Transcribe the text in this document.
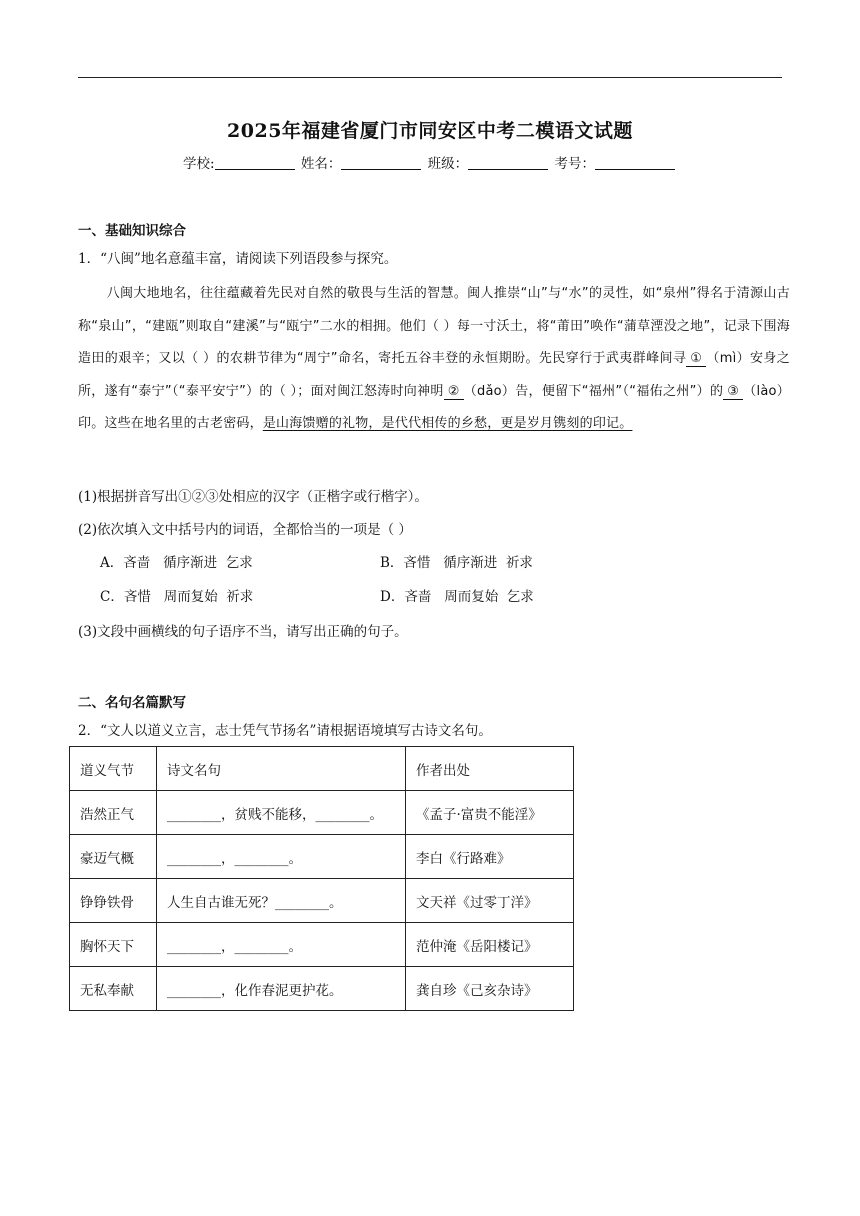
2025年福建省厦门市同安区中考二模语文试题
学校:	姓名：	班级：	考号：
一、基础知识综合
1．“八闽”地名意蕴丰富，请阅读下列语段参与探究。
八闽大地地名，往往蕴藏着先民对自然的敬畏与生活的智慧。闽人推崇“山”与“水”的灵性，如“泉州”得名于清源山古称“泉山”，“建瓯”则取自“建溪”与“瓯宁”二水的相拥。他们（ ）每一寸沃土，将“莆田”唤作“蒲草湮没之地”，记录下围海造田的艰辛；又以（ ）的农耕节律为“周宁”命名，寄托五谷丰登的永恒期盼。先民穿行于武夷群峰间寻 ① （mì）安身之所，遂有“泰宁”（“泰平安宁”）的（ ）；面对闽江怒涛时向神明 ② （dǎo）告，便留下“福州”（“福佑之州”）的 ③ （lào）印。这些在地名里的古老密码，是山海馈赠的礼物，是代代相传的乡愁，更是岁月镌刻的印记。
(1)根据拼音写出①②③处相应的汉字（正楷字或行楷字）。
(2)依次填入文中括号内的词语，全都恰当的一项是（ ）
A．吝啬   循序渐进  乞求	B．吝惜   循序渐进  祈求
C．吝惜   周而复始  祈求	D．吝啬   周而复始  乞求
(3)文段中画横线的句子语序不当，请写出正确的句子。
二、名句名篇默写
2．“文人以道义立言，志士凭气节扬名”请根据语境填写古诗文名句。
道义气节	诗文名句	作者出处
浩然正气	________，贫贱不能移，________。	《孟子·富贵不能淫》
豪迈气概	________，________。	李白《行路难》
铮铮铁骨	人生自古谁无死？________。	文天祥《过零丁洋》
胸怀天下	________，________。	范仲淹《岳阳楼记》
无私奉献	________，化作春泥更护花。	龚自珍《己亥杂诗》
